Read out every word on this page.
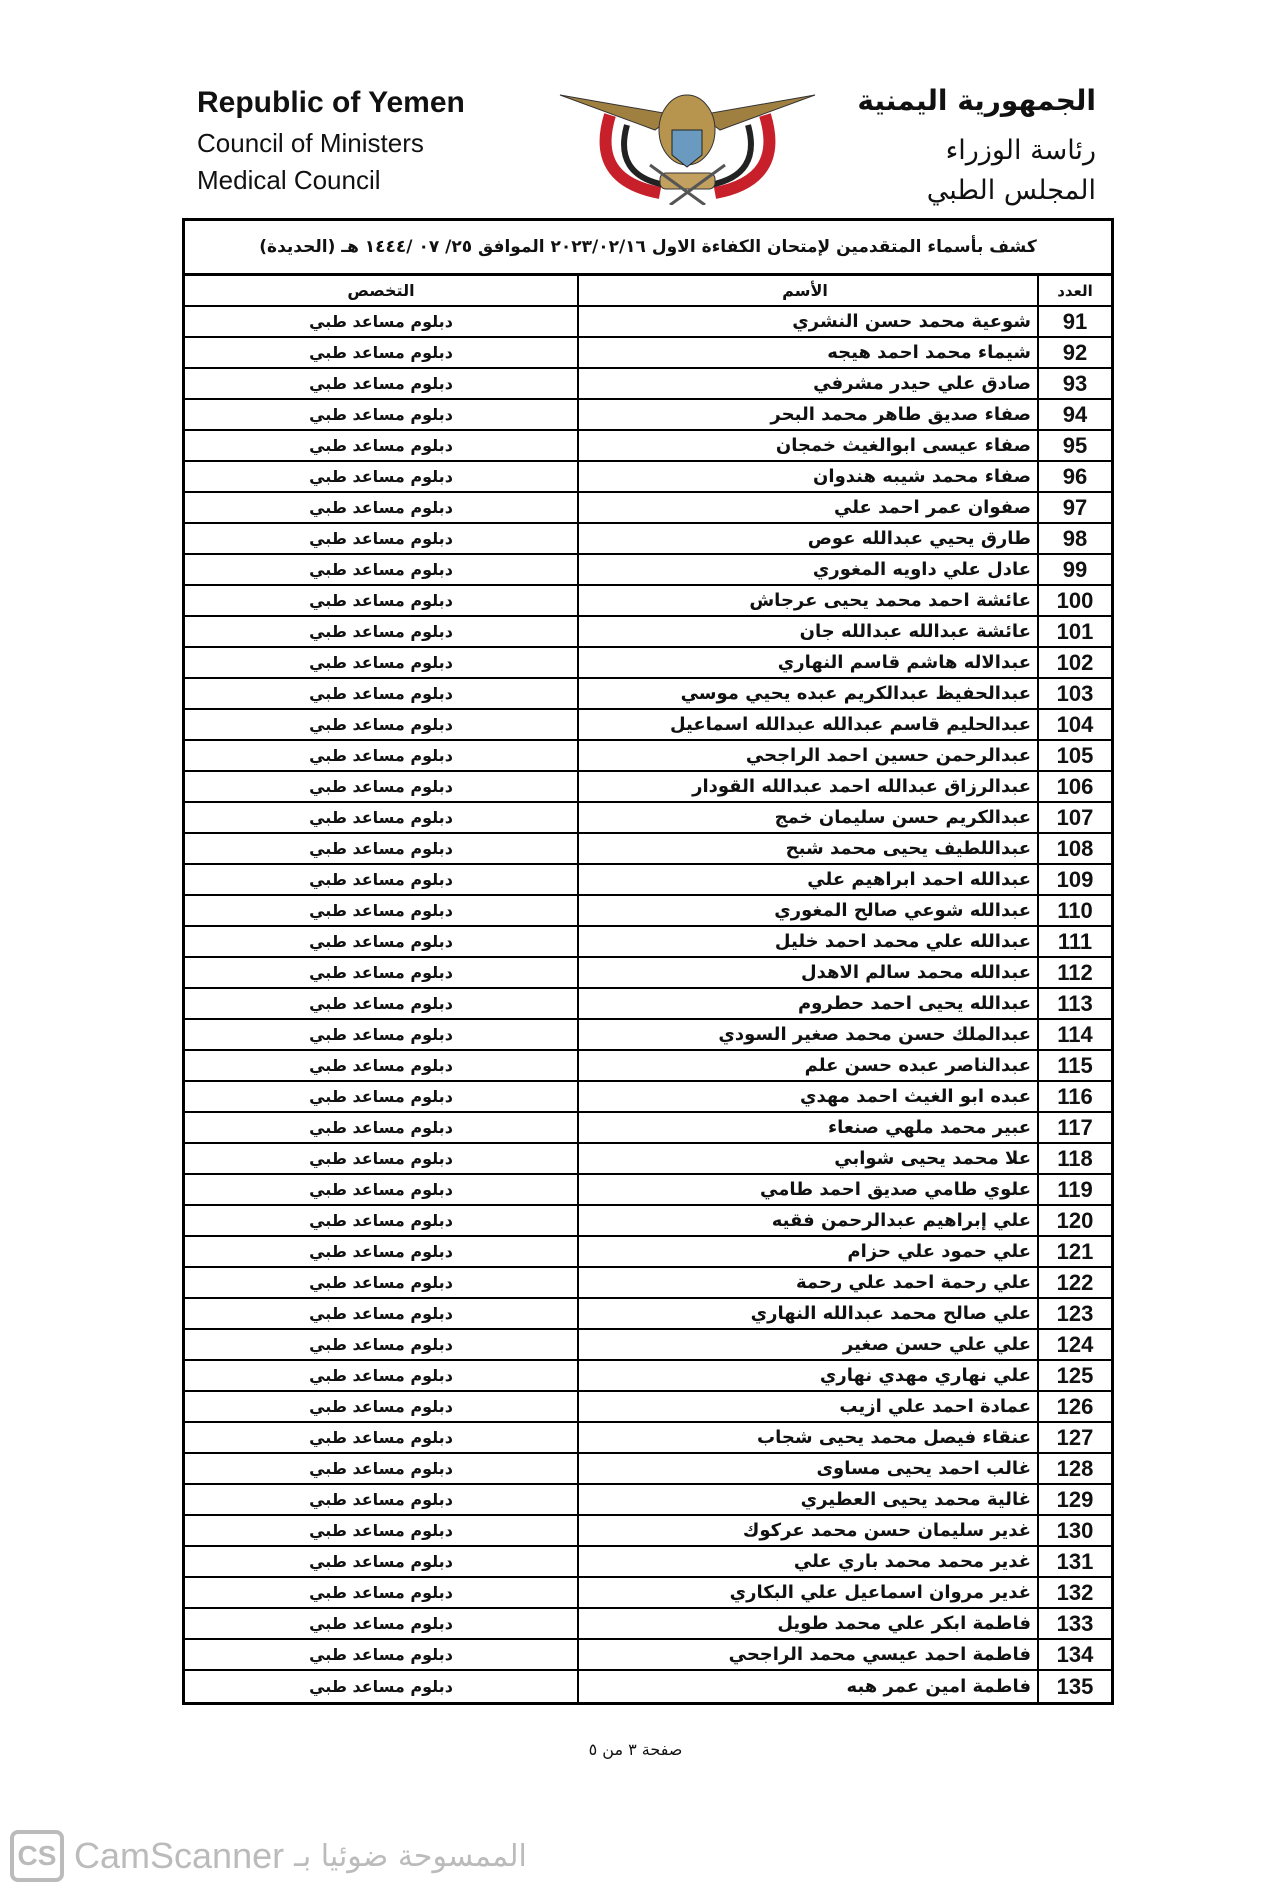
Republic of Yemen
Council of Ministers
Medical Council
الجمهورية اليمنية
رئاسة الوزراء
المجلس الطبي
كشف بأسماء المتقدمين لإمتحان الكفاءة الاول ٢٠٢٣/٠٢/١٦ الموافق ٢٥/ ٠٧ /١٤٤٤ هـ (الحديدة)
العدد
الأسم
التخصص
91
شوعية محمد حسن النشري
دبلوم مساعد طبي
92
شيماء محمد احمد هيجه
دبلوم مساعد طبي
93
صادق علي حيدر مشرفي
دبلوم مساعد طبي
94
صفاء صديق طاهر محمد البحر
دبلوم مساعد طبي
95
صفاء عيسى ابوالغيث خمجان
دبلوم مساعد طبي
96
صفاء محمد شيبه هندوان
دبلوم مساعد طبي
97
صفوان عمر احمد علي
دبلوم مساعد طبي
98
طارق يحيي عبدالله عوص
دبلوم مساعد طبي
99
عادل علي داويه المغوري
دبلوم مساعد طبي
100
عائشة احمد محمد يحيى عرجاش
دبلوم مساعد طبي
101
عائشة عبدالله عبدالله جان
دبلوم مساعد طبي
102
عبدالاله هاشم قاسم النهاري
دبلوم مساعد طبي
103
عبدالحفيظ عبدالكريم عبده يحيي موسي
دبلوم مساعد طبي
104
عبدالحليم قاسم عبدالله عبدالله اسماعيل
دبلوم مساعد طبي
105
عبدالرحمن حسين احمد الراجحي
دبلوم مساعد طبي
106
عبدالرزاق عبدالله احمد عبدالله القودار
دبلوم مساعد طبي
107
عبدالكريم حسن سليمان خمج
دبلوم مساعد طبي
108
عبداللطيف يحيى محمد شبح
دبلوم مساعد طبي
109
عبدالله احمد ابراهيم علي
دبلوم مساعد طبي
110
عبدالله شوعي صالح المغوري
دبلوم مساعد طبي
111
عبدالله علي محمد احمد خليل
دبلوم مساعد طبي
112
عبدالله محمد سالم الاهدل
دبلوم مساعد طبي
113
عبدالله يحيى احمد حطروم
دبلوم مساعد طبي
114
عبدالملك حسن محمد صغير السودي
دبلوم مساعد طبي
115
عبدالناصر عبده حسن علم
دبلوم مساعد طبي
116
عبده ابو الغيث احمد مهدي
دبلوم مساعد طبي
117
عبير محمد ملهي صنعاء
دبلوم مساعد طبي
118
علا محمد يحيى شوابي
دبلوم مساعد طبي
119
علوي طامي صديق احمد طامي
دبلوم مساعد طبي
120
علي إبراهيم عبدالرحمن فقيه
دبلوم مساعد طبي
121
علي حمود علي حزام
دبلوم مساعد طبي
122
علي رحمة احمد علي رحمة
دبلوم مساعد طبي
123
علي صالح محمد عبدالله النهاري
دبلوم مساعد طبي
124
علي علي حسن صغير
دبلوم مساعد طبي
125
علي نهاري مهدي نهاري
دبلوم مساعد طبي
126
عمادة احمد علي ازيب
دبلوم مساعد طبي
127
عنقاء فيصل محمد يحيى شجاب
دبلوم مساعد طبي
128
غالب احمد يحيى مساوى
دبلوم مساعد طبي
129
غالية محمد يحيى العطيري
دبلوم مساعد طبي
130
غدير سليمان حسن محمد عركوك
دبلوم مساعد طبي
131
غدير محمد محمد باري علي
دبلوم مساعد طبي
132
غدير مروان اسماعيل علي البكاري
دبلوم مساعد طبي
133
فاطمة ابكر علي محمد طويل
دبلوم مساعد طبي
134
فاطمة احمد عيسي محمد الراجحي
دبلوم مساعد طبي
135
فاطمة امين عمر هبه
دبلوم مساعد طبي
صفحة ٣ من ٥
CS CamScanner الممسوحة ضوئيا بـ
